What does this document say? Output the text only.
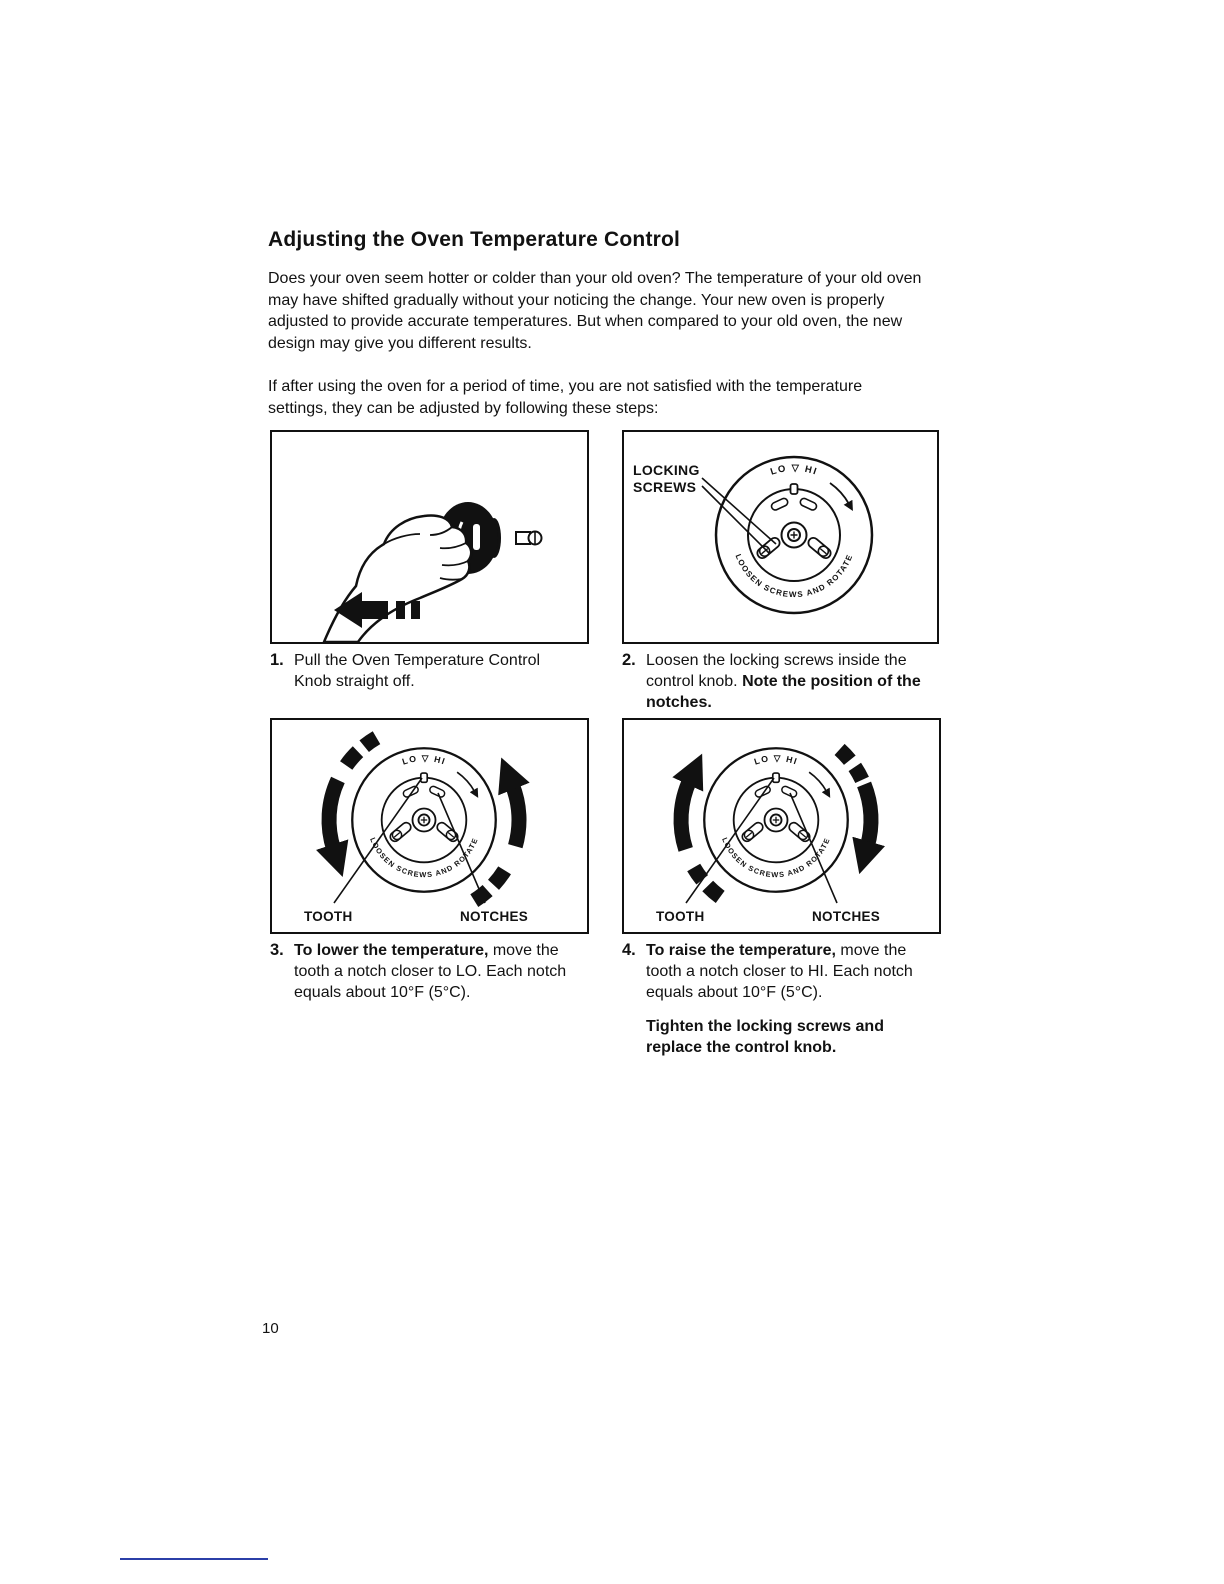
Adjusting the Oven Temperature Control
Does your oven seem hotter or colder than your old oven? The temperature of your old oven may have shifted gradually without your noticing the change. Your new oven is properly adjusted to provide accurate temperatures. But when compared to your old oven, the new design may give you different results.
If after using the oven for a period of time, you are not satisfied with the temperature settings, they can be adjusted by following these steps:
LOCKING
SCREWS
1. Pull the Oven Temperature Control Knob straight off.
2. Loosen the locking screws inside the control knob. Note the position of the notches.
TOOTH	NOTCHES	TOOTH	NOTCHES
3. To lower the temperature, move the tooth a notch closer to LO. Each notch equals about 10°F (5°C).
4. To raise the temperature, move the tooth a notch closer to HI. Each notch equals about 10°F (5°C).
Tighten the locking screws and replace the control knob.
10
